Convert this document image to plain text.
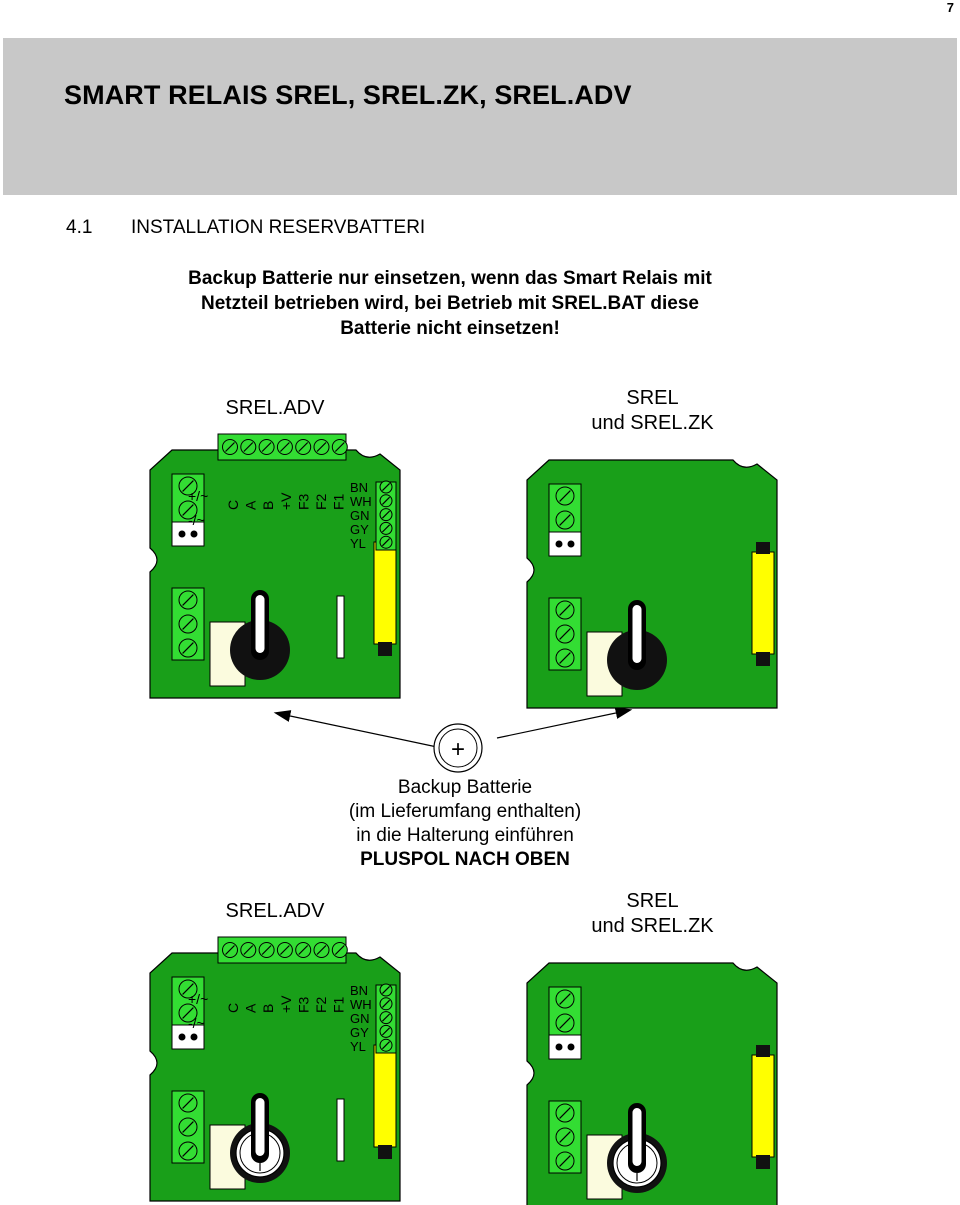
7
SMART RELAIS SREL, SREL.ZK, SREL.ADV
4.1 INSTALLATION RESERVBATTERI
Backup Batterie nur einsetzen, wenn das Smart Relais mit
Netzteil betrieben wird, bei Betrieb mit SREL.BAT diese
Batterie nicht einsetzen!
SREL.ADV	SREL
und SREL.ZK
SREL.ADV	SREL
und SREL.ZK
+
+/~
-/~
C A B +V F3 F2 F1
BN
WH
GN
GY
YL
+/~
-/~
C A B +V F3 F2 F1
BN
WH
GN
GY
YL
Backup Batterie
(im Lieferumfang enthalten)
in die Halterung einführen
PLUSPOL NACH OBEN
